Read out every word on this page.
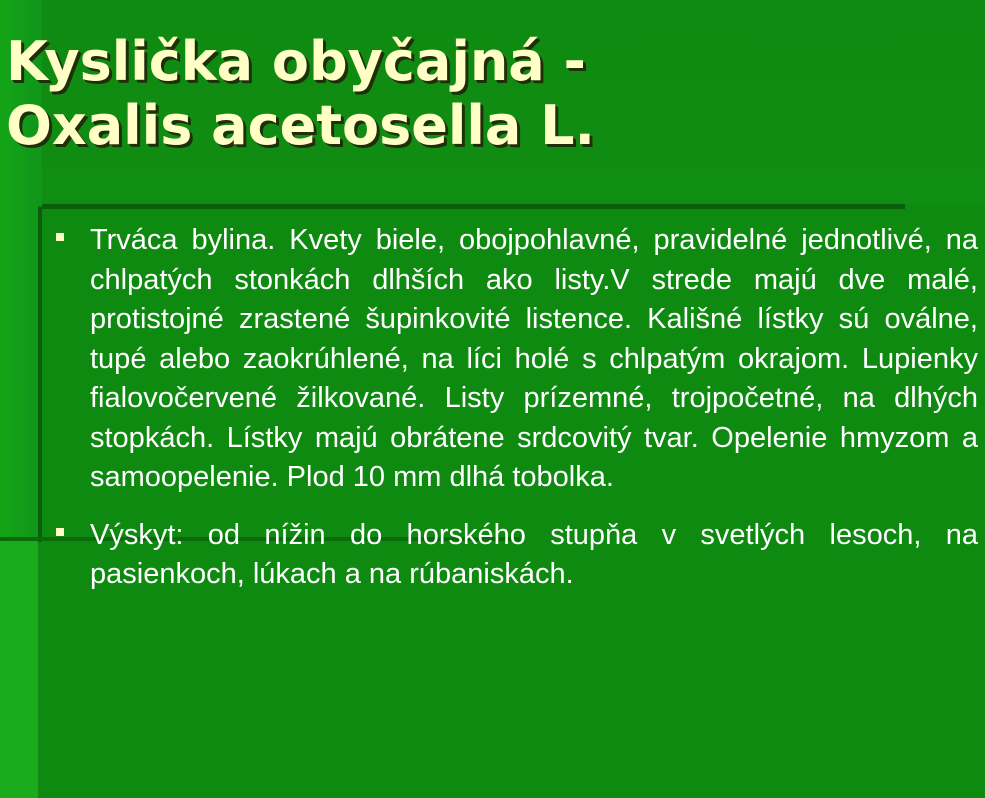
Kyslička obyčajná -
Oxalis acetosella L.
Trváca bylina. Kvety biele, obojpohlavné, pravidelné jednotlivé, na chlpatých stonkách dlhších ako listy.V strede majú dve malé, protistojné zrastené šupinkovité listence. Kališné lístky sú oválne, tupé alebo zaokrúhlené, na líci holé s chlpatým okrajom. Lupienky fialovočervené žilkované. Listy prízemné, trojpočetné, na dlhých stopkách. Lístky majú obrátene srdcovitý tvar. Opelenie hmyzom a samoopelenie. Plod 10 mm dlhá tobolka.
Výskyt: od nížin do horského stupňa v svetlých lesoch, na pasienkoch, lúkach a na rúbaniskách.
